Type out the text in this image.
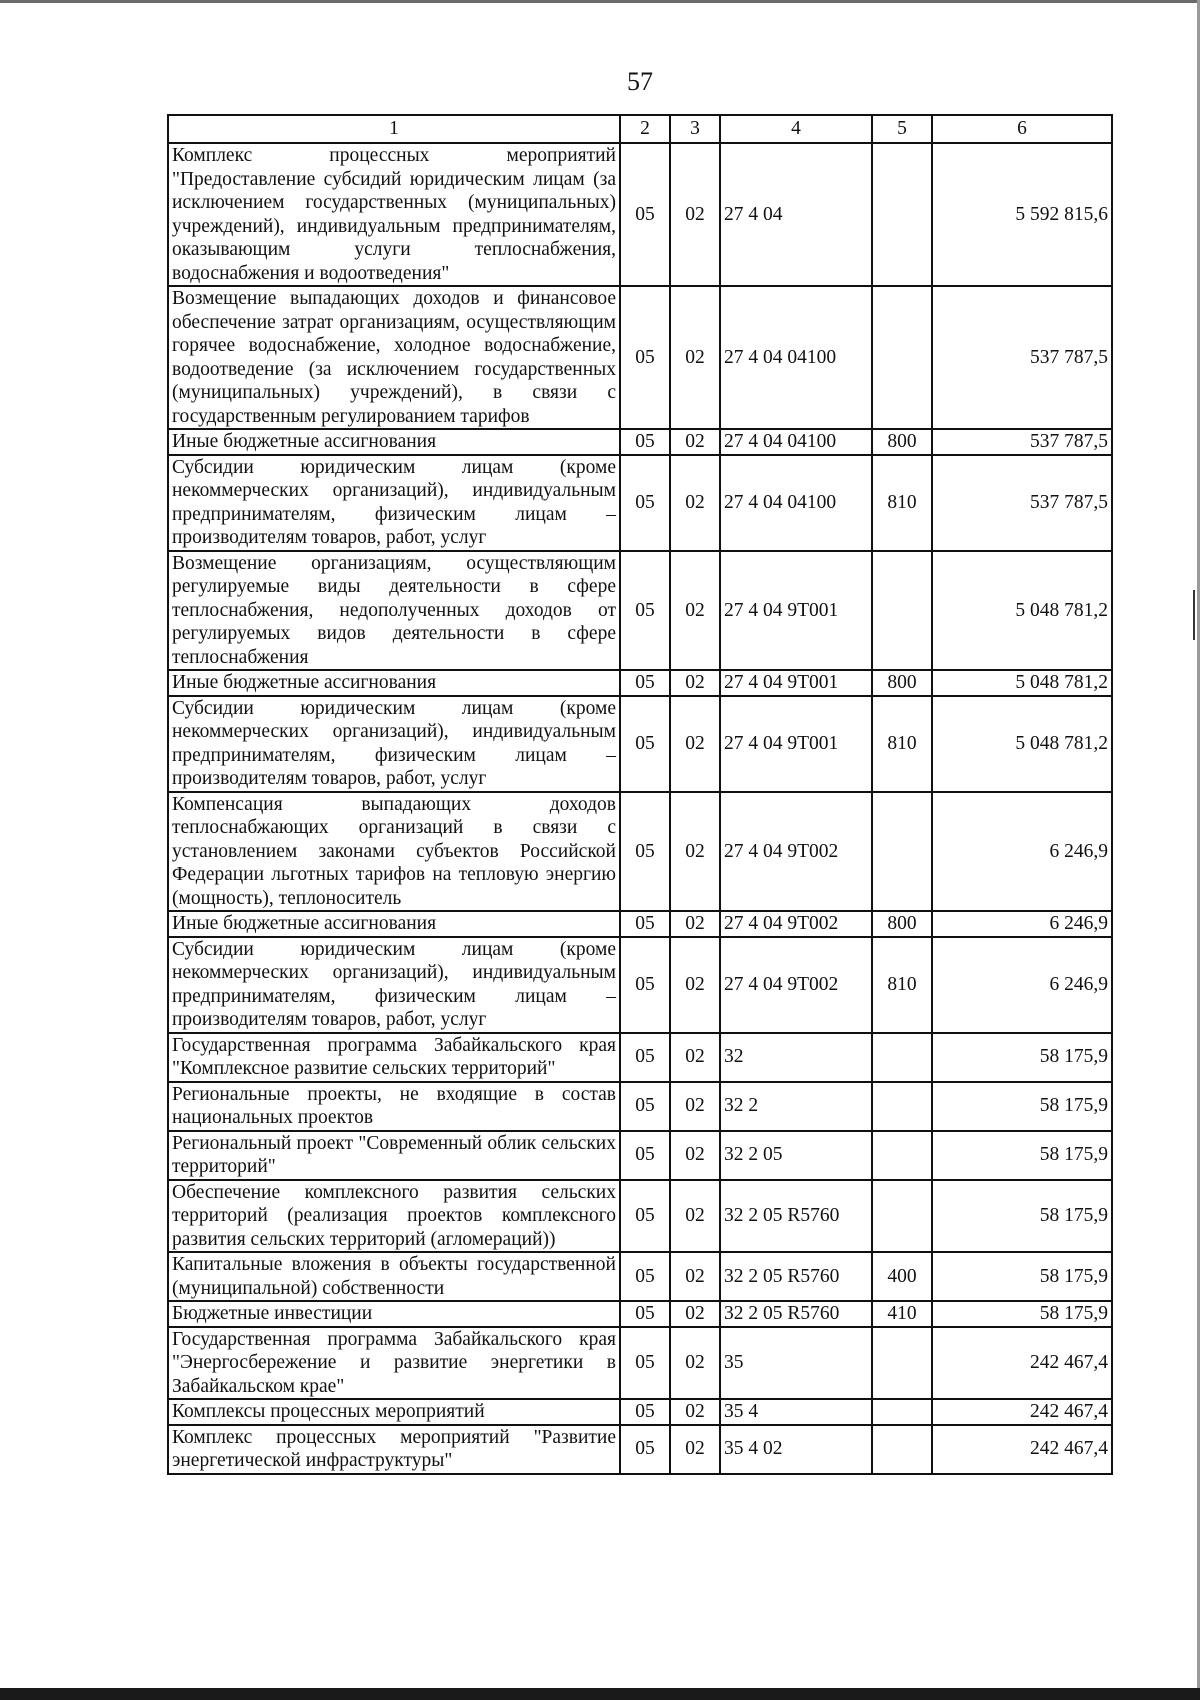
57
1	2	3	4	5	6
Комплекс процессных мероприятий "Предоставление субсидий юридическим лицам (за исключением государственных (муниципальных) учреждений), индивидуальным предпринимателям, оказывающим услуги теплоснабжения, водоснабжения и водоотведения"	05	02	27 4 04		5 592 815,6
Возмещение выпадающих доходов и финансовое обеспечение затрат организациям, осуществляющим горячее водоснабжение, холодное водоснабжение, водоотведение (за исключением государственных (муниципальных) учреждений), в связи с государственным регулированием тарифов	05	02	27 4 04 04100		537 787,5
Иные бюджетные ассигнования	05	02	27 4 04 04100	800	537 787,5
Субсидии юридическим лицам (кроме некоммерческих организаций), индивидуальным предпринимателям, физическим лицам – производителям товаров, работ, услуг	05	02	27 4 04 04100	810	537 787,5
Возмещение организациям, осуществляющим регулируемые виды деятельности в сфере теплоснабжения, недополученных доходов от регулируемых видов деятельности в сфере теплоснабжения	05	02	27 4 04 9Т001		5 048 781,2
Иные бюджетные ассигнования	05	02	27 4 04 9Т001	800	5 048 781,2
Субсидии юридическим лицам (кроме некоммерческих организаций), индивидуальным предпринимателям, физическим лицам – производителям товаров, работ, услуг	05	02	27 4 04 9Т001	810	5 048 781,2
Компенсация выпадающих доходов теплоснабжающих организаций в связи с установлением законами субъектов Российской Федерации льготных тарифов на тепловую энергию (мощность), теплоноситель	05	02	27 4 04 9Т002		6 246,9
Иные бюджетные ассигнования	05	02	27 4 04 9Т002	800	6 246,9
Субсидии юридическим лицам (кроме некоммерческих организаций), индивидуальным предпринимателям, физическим лицам – производителям товаров, работ, услуг	05	02	27 4 04 9Т002	810	6 246,9
Государственная программа Забайкальского края "Комплексное развитие сельских территорий"	05	02	32		58 175,9
Региональные проекты, не входящие в состав национальных проектов	05	02	32 2		58 175,9
Региональный проект "Современный облик сельских территорий"	05	02	32 2 05		58 175,9
Обеспечение комплексного развития сельских территорий (реализация проектов комплексного развития сельских территорий (агломераций))	05	02	32 2 05 R5760		58 175,9
Капитальные вложения в объекты государственной (муниципальной) собственности	05	02	32 2 05 R5760	400	58 175,9
Бюджетные инвестиции	05	02	32 2 05 R5760	410	58 175,9
Государственная программа Забайкальского края "Энергосбережение и развитие энергетики в Забайкальском крае"	05	02	35		242 467,4
Комплексы процессных мероприятий	05	02	35 4		242 467,4
Комплекс процессных мероприятий "Развитие энергетической инфраструктуры"	05	02	35 4 02		242 467,4
